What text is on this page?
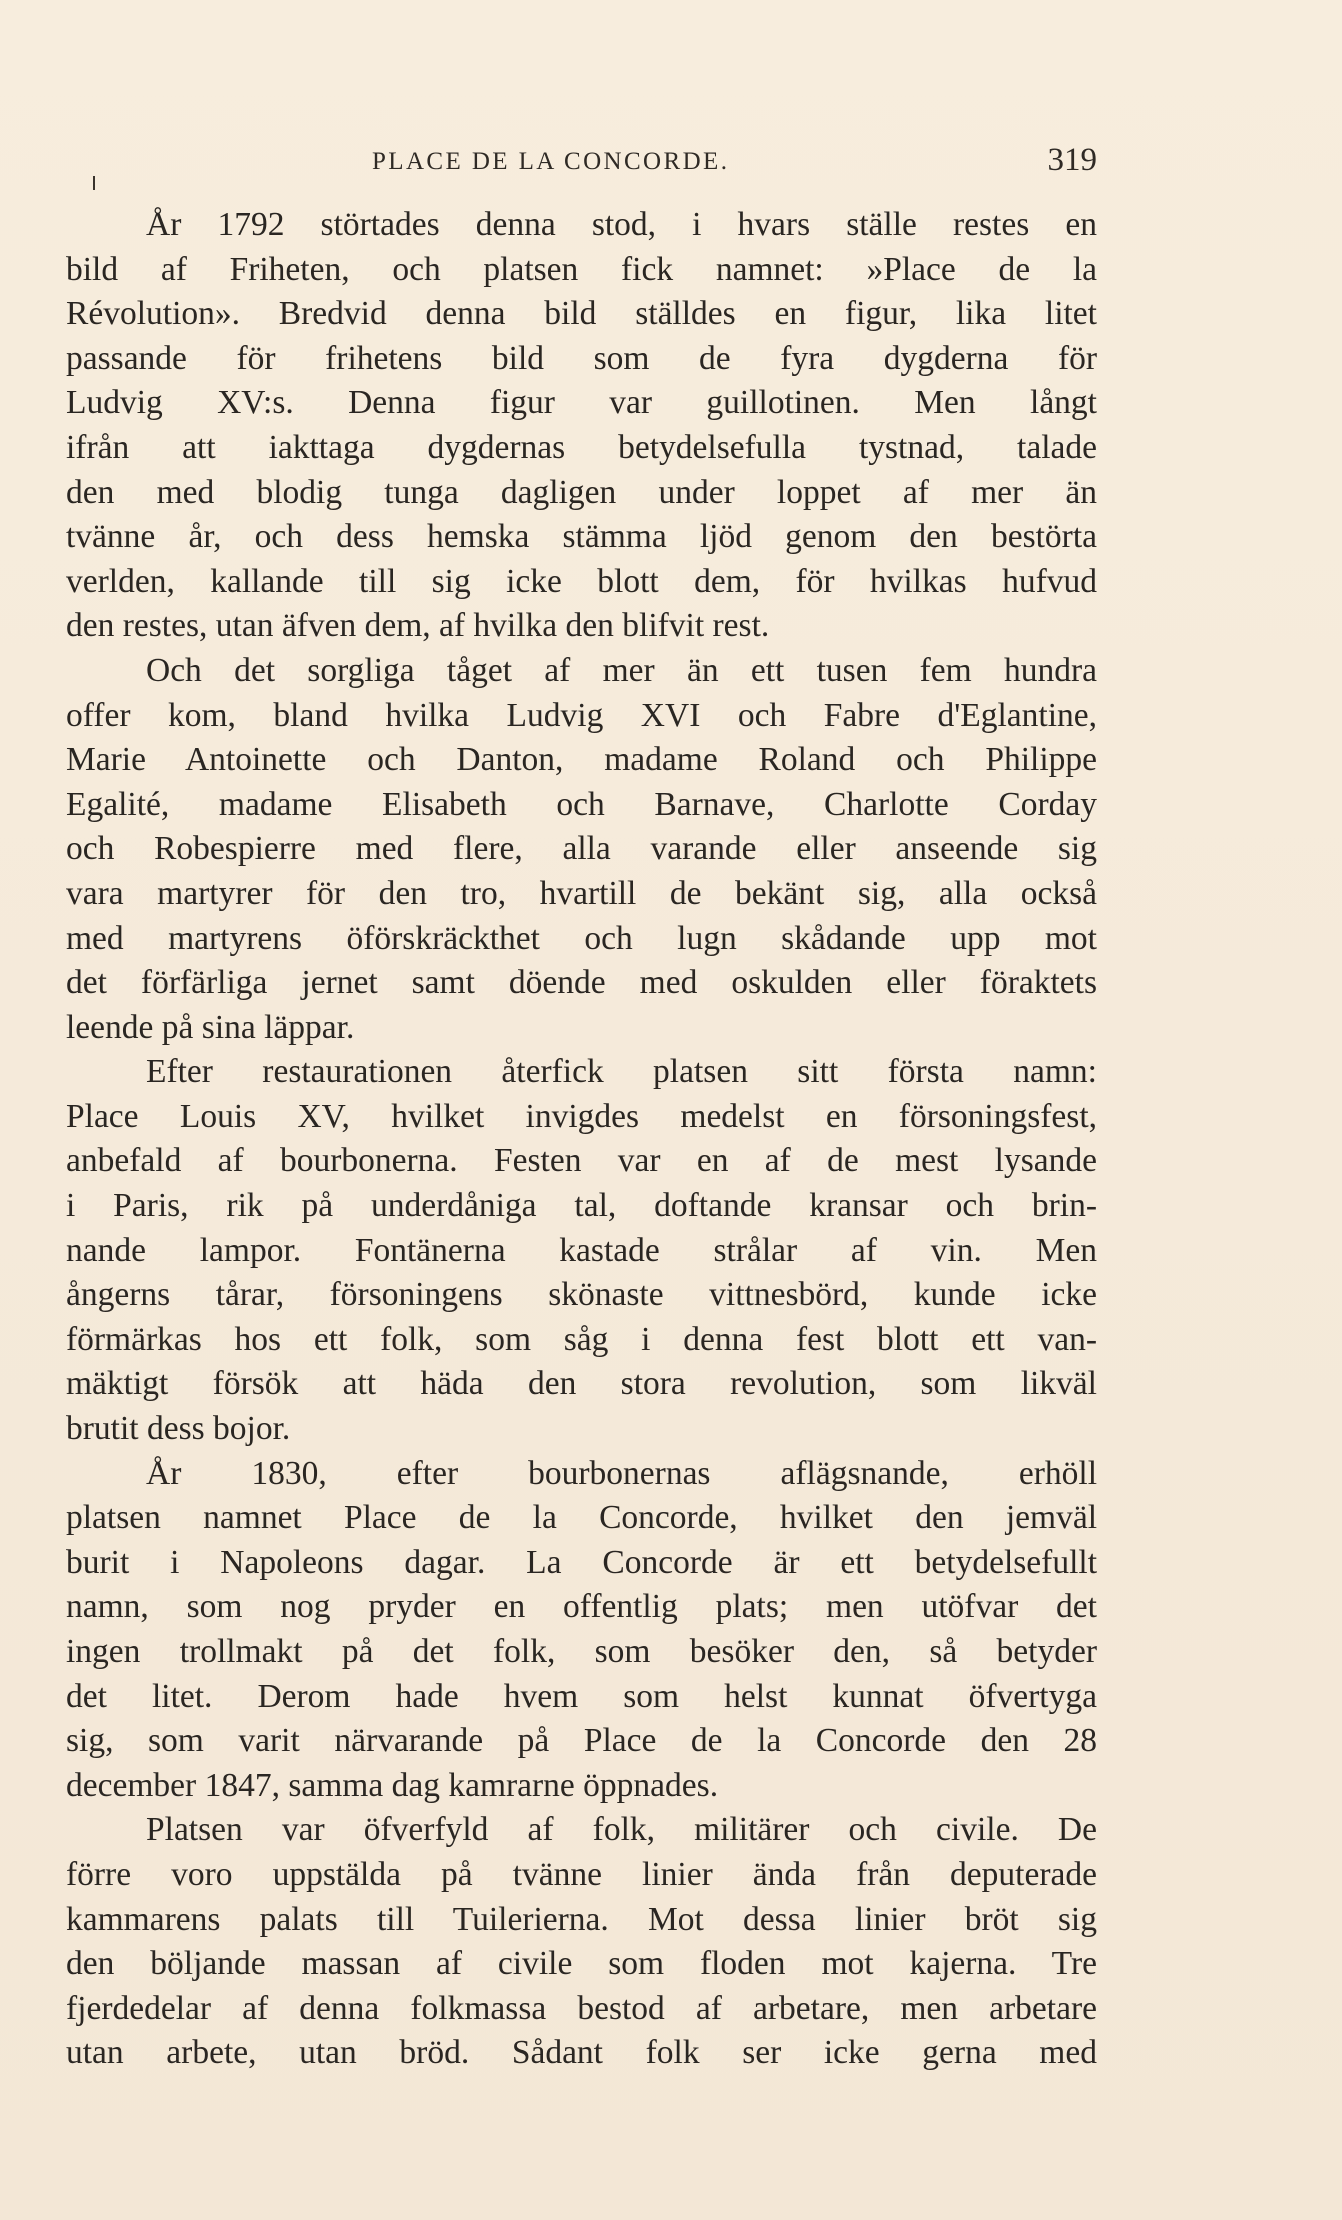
PLACE DE LA CONCORDE.	319
År 1792 störtades denna stod, i hvars ställe restes en
bild af Friheten, och platsen fick namnet: »Place de la
Révolution». Bredvid denna bild ställdes en figur, lika litet
passande för frihetens bild som de fyra dygderna för
Ludvig XV:s. Denna figur var guillotinen. Men långt
ifrån att iakttaga dygdernas betydelsefulla tystnad, talade
den med blodig tunga dagligen under loppet af mer än
tvänne år, och dess hemska stämma ljöd genom den bestörta
verlden, kallande till sig icke blott dem, för hvilkas hufvud
den restes, utan äfven dem, af hvilka den blifvit rest.
Och det sorgliga tåget af mer än ett tusen fem hundra
offer kom, bland hvilka Ludvig XVI och Fabre d'Eglantine,
Marie Antoinette och Danton, madame Roland och Philippe
Egalité, madame Elisabeth och Barnave, Charlotte Corday
och Robespierre med flere, alla varande eller anseende sig
vara martyrer för den tro, hvartill de bekänt sig, alla också
med martyrens öförskräckthet och lugn skådande upp mot
det förfärliga jernet samt döende med oskulden eller föraktets
leende på sina läppar.
Efter restaurationen återfick platsen sitt första namn:
Place Louis XV, hvilket invigdes medelst en försoningsfest,
anbefald af bourbonerna. Festen var en af de mest lysande
i Paris, rik på underdåniga tal, doftande kransar och brin-
nande lampor. Fontänerna kastade strålar af vin. Men
ångerns tårar, försoningens skönaste vittnesbörd, kunde icke
förmärkas hos ett folk, som såg i denna fest blott ett van-
mäktigt försök att häda den stora revolution, som likväl
brutit dess bojor.
År 1830, efter bourbonernas aflägsnande, erhöll
platsen namnet Place de la Concorde, hvilket den jemväl
burit i Napoleons dagar. La Concorde är ett betydelsefullt
namn, som nog pryder en offentlig plats; men utöfvar det
ingen trollmakt på det folk, som besöker den, så betyder
det litet. Derom hade hvem som helst kunnat öfvertyga
sig, som varit närvarande på Place de la Concorde den 28
december 1847, samma dag kamrarne öppnades.
Platsen var öfverfyld af folk, militärer och civile. De
förre voro uppstälda på tvänne linier ända från deputerade
kammarens palats till Tuilerierna. Mot dessa linier bröt sig
den böljande massan af civile som floden mot kajerna. Tre
fjerdedelar af denna folkmassa bestod af arbetare, men arbetare
utan arbete, utan bröd. Sådant folk ser icke gerna med
